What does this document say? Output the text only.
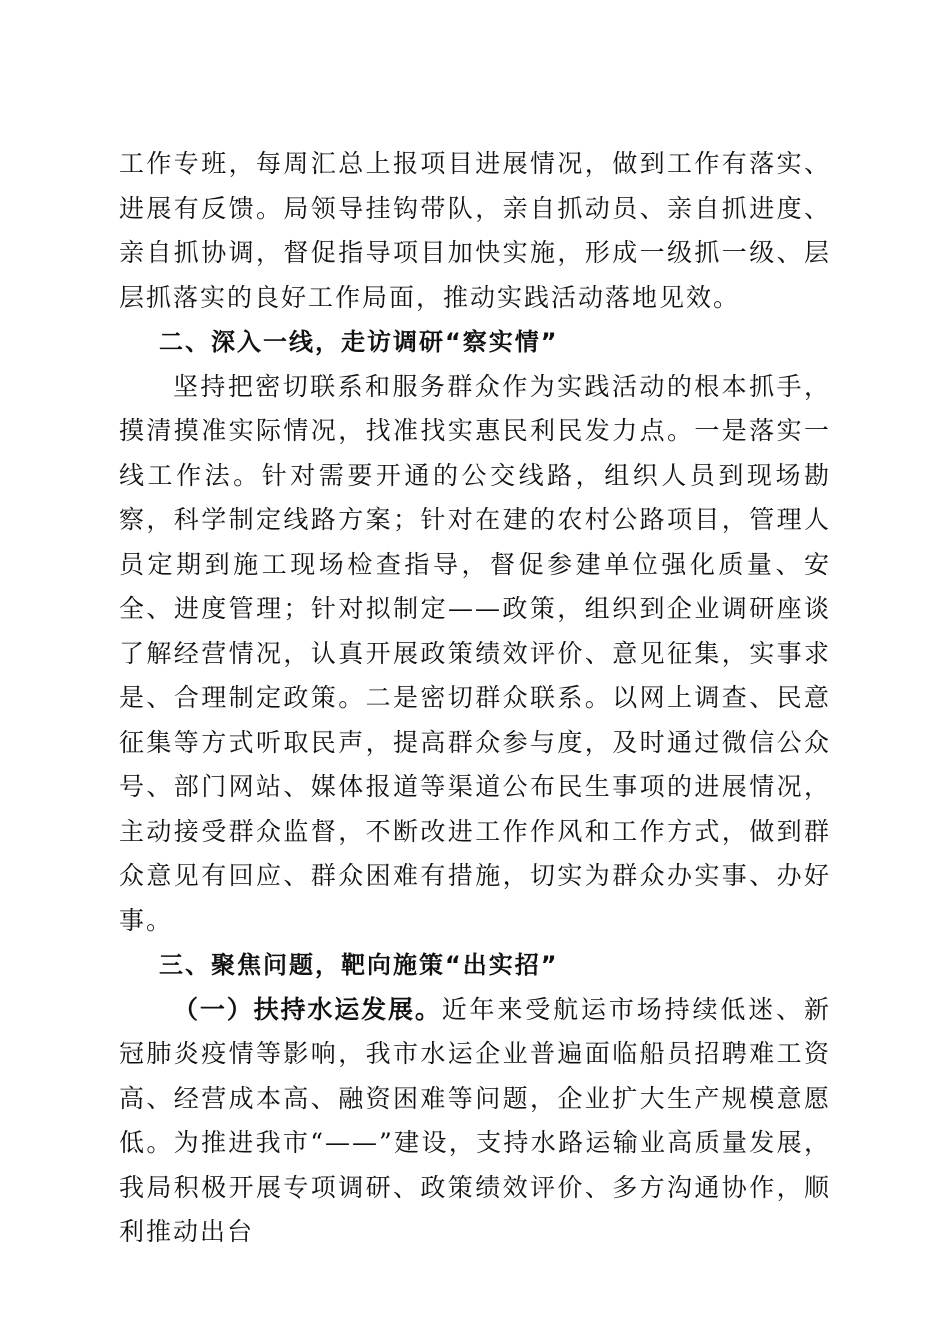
工作专班，每周汇总上报项目进展情况，做到工作有落实、进展有反馈。局领导挂钩带队，亲自抓动员、亲自抓进度、亲自抓协调，督促指导项目加快实施，形成一级抓一级、层层抓落实的良好工作局面，推动实践活动落地见效。

二、深入一线，走访调研“察实情”

坚持把密切联系和服务群众作为实践活动的根本抓手，摸清摸准实际情况，找准找实惠民利民发力点。一是落实一线工作法。针对需要开通的公交线路，组织人员到现场勘察，科学制定线路方案；针对在建的农村公路项目，管理人员定期到施工现场检查指导，督促参建单位强化质量、安全、进度管理；针对拟制定——政策，组织到企业调研座谈了解经营情况，认真开展政策绩效评价、意见征集，实事求是、合理制定政策。二是密切群众联系。以网上调查、民意征集等方式听取民声，提高群众参与度，及时通过微信公众号、部门网站、媒体报道等渠道公布民生事项的进展情况，主动接受群众监督，不断改进工作作风和工作方式，做到群众意见有回应、群众困难有措施，切实为群众办实事、办好事。

三、聚焦问题，靶向施策“出实招”

（一）扶持水运发展。近年来受航运市场持续低迷、新冠肺炎疫情等影响，我市水运企业普遍面临船员招聘难工资高、经营成本高、融资困难等问题，企业扩大生产规模意愿低。为推进我市“——”建设，支持水路运输业高质量发展，我局积极开展专项调研、政策绩效评价、多方沟通协作，顺利推动出台
